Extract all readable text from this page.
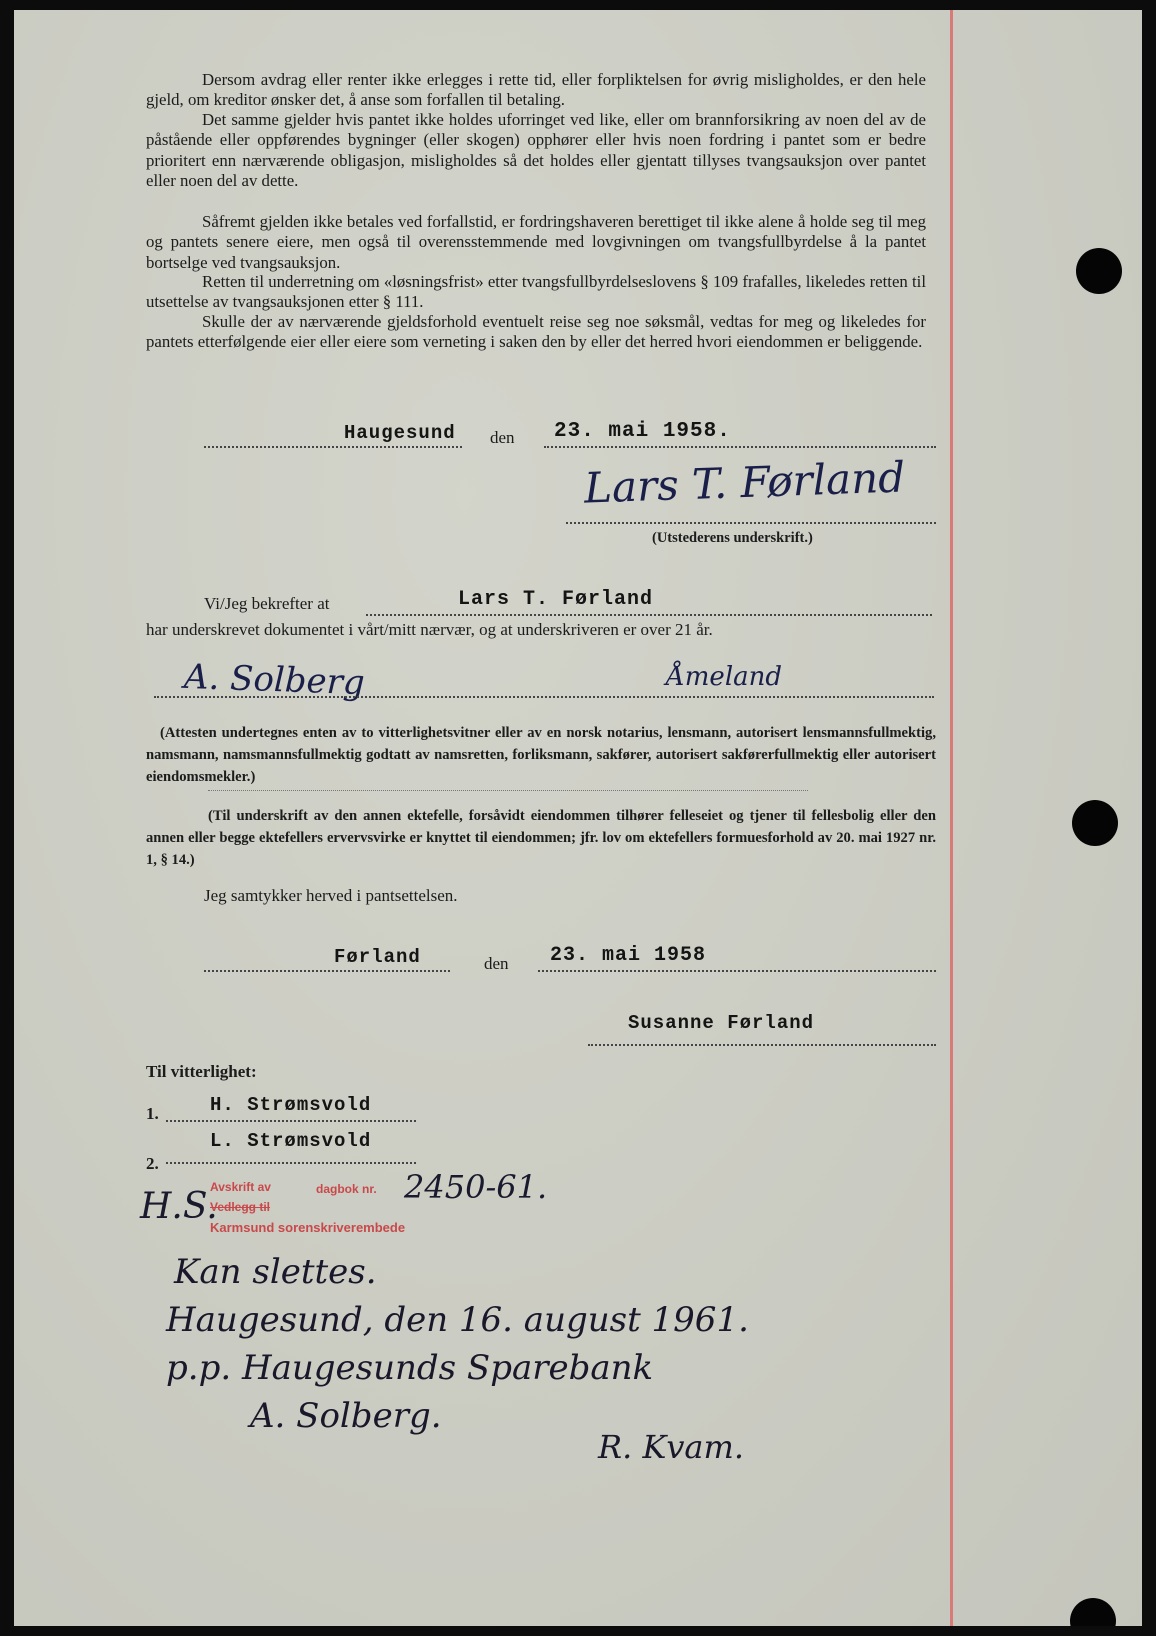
Dersom avdrag eller renter ikke erlegges i rette tid, eller forpliktelsen for øvrig misligholdes, er den hele gjeld, om kreditor ønsker det, å anse som forfallen til betaling.

Det samme gjelder hvis pantet ikke holdes uforringet ved like, eller om brannforsikring av noen del av de påstående eller oppførendes bygninger (eller skogen) opphører eller hvis noen fordring i pantet som er bedre prioritert enn nærværende obligasjon, misligholdes så det holdes eller gjentatt tillyses tvangsauksjon over pantet eller noen del av dette.

Såfremt gjelden ikke betales ved forfallstid, er fordringshaveren berettiget til ikke alene å holde seg til meg og pantets senere eiere, men også til overensstemmende med lovgivningen om tvangsfullbyrdelse å la pantet bortselge ved tvangsauksjon.

Retten til underretning om «løsningsfrist» etter tvangsfullbyrdelseslovens § 109 frafalles, likeledes retten til utsettelse av tvangsauksjonen etter § 111.

Skulle der av nærværende gjeldsforhold eventuelt reise seg noe søksmål, vedtas for meg og likeledes for pantets etterfølgende eier eller eiere som verneting i saken den by eller det herred hvori eiendommen er beliggende.

Haugesund den 23. mai 1958.
Lars T. Førland
(Utstederens underskrift.)
Vi/Jeg bekrefter at	Lars T. Førland
har underskrevet dokumentet i vårt/mitt nærvær, og at underskriveren er over 21 år.
A. Solberg	Åmeland

(Attesten undertegnes enten av to vitterlighetsvitner eller av en norsk notarius, lensmann, autorisert lensmannsfullmektig, namsmann, namsmannsfullmektig godtatt av namsretten, forliksmann, sakfører, autorisert sakførerfullmektig eller autorisert eiendomsmekler.)

(Til underskrift av den annen ektefelle, forsåvidt eiendommen tilhører felleseiet og tjener til fellesbolig eller den annen eller begge ektefellers ervervsvirke er knyttet til eiendommen; jfr. lov om ektefellers formuesforhold av 20. mai 1927 nr. 1, § 14.)

Jeg samtykker herved i pantsettelsen.
Førland	den 23. mai 1958
Susanne Førland
Til vitterlighet:
1.	H. Strømsvold
L. Strømsvold
2.
H.S.
Avskrift av	dagbok nr.
Vedlegg til
Karmsund sorenskriverembede
2450-61.
Kan slettes.
Haugesund, den 16. august 1961.
p.p. Haugesunds Sparebank
A. Solberg.
R. Kvam.
